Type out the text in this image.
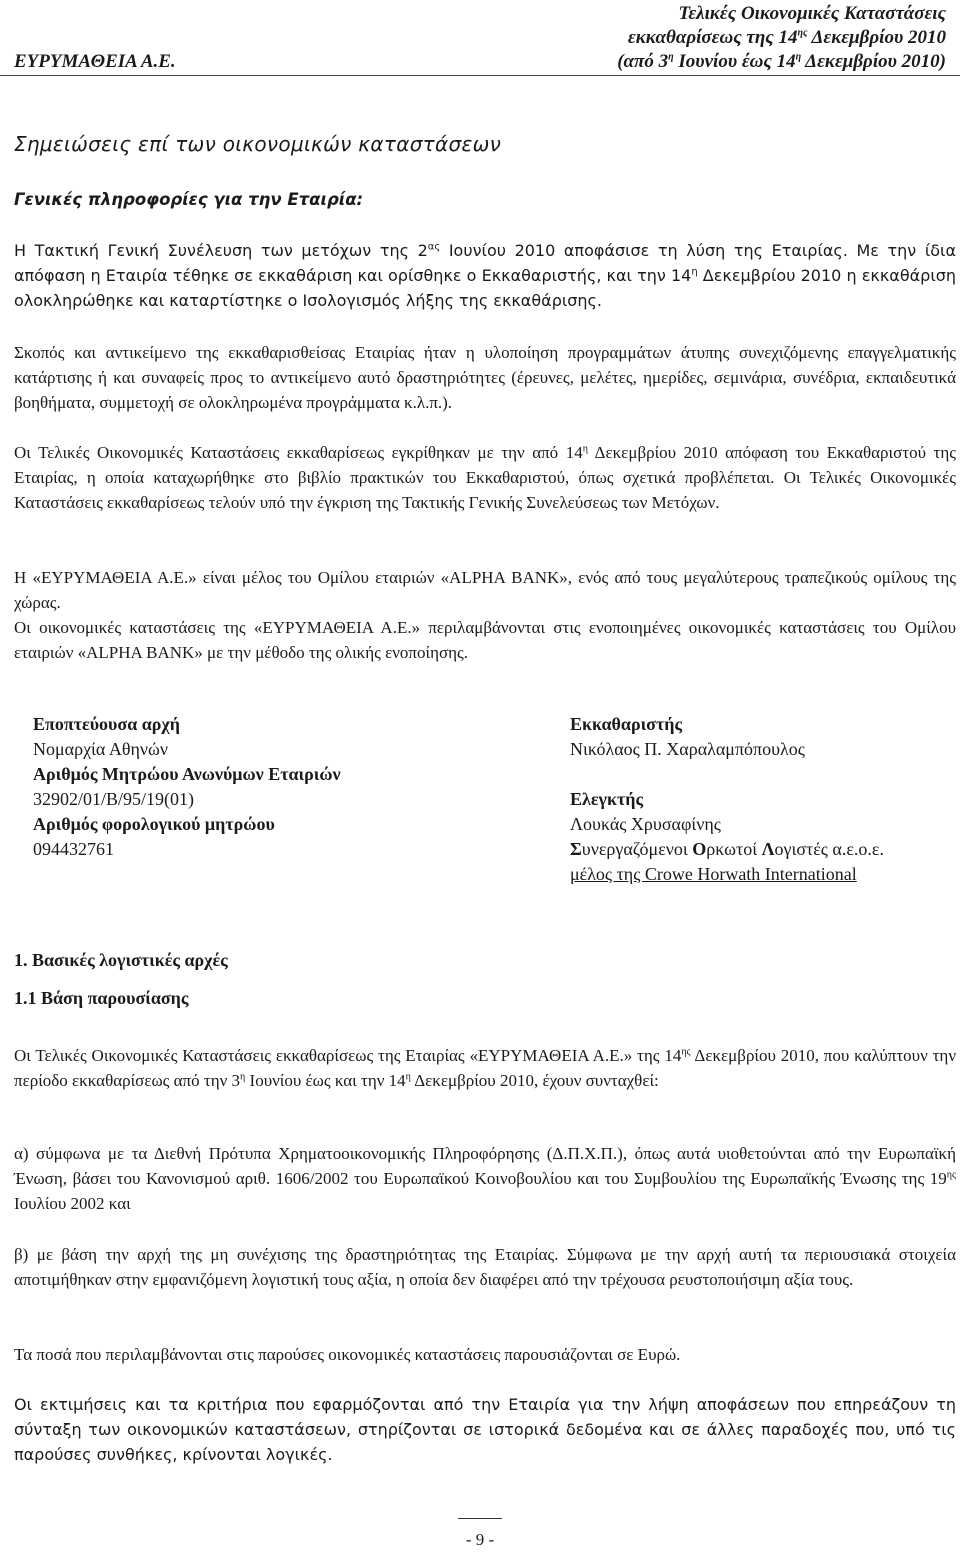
Τελικές Οικονομικές Καταστάσεις
εκκαθαρίσεως της $14^{\eta\varsigma}$ Δεκεμβρίου 2010
(από $3^\eta$ Ιουνίου έως $14^\eta$ Δεκεμβρίου 2010)
ΕΥΡΥΜΑΘΕΙΑ Α.Ε.
Σημειώσεις επί των οικονομικών καταστάσεων
Γενικές πληροφορίες για την Εταιρία:
Η Τακτική Γενική Συνέλευση των μετόχων της $2^{\alpha\varsigma}$ Ιουνίου 2010 αποφάσισε τη λύση της Εταιρίας. Με την ίδια απόφαση η Εταιρία τέθηκε σε εκκαθάριση και ορίσθηκε ο Εκκαθαριστής, και την $14^\eta$ Δεκεμβρίου 2010 η εκκαθάριση ολοκληρώθηκε και καταρτίστηκε ο Ισολογισμός λήξης της εκκαθάρισης.
Σκοπός και αντικείμενο της εκκαθαρισθείσας Εταιρίας ήταν η υλοποίηση προγραμμάτων άτυπης συνεχιζόμενης επαγγελματικής κατάρτισης ή και συναφείς προς το αντικείμενο αυτό δραστηριότητες (έρευνες, μελέτες, ημερίδες, σεμινάρια, συνέδρια, εκπαιδευτικά βοηθήματα, συμμετοχή σε ολοκληρωμένα προγράμματα κ.λ.π.).
Οι Τελικές Οικονομικές Καταστάσεις εκκαθαρίσεως εγκρίθηκαν με την από $14^\eta$ Δεκεμβρίου 2010 απόφαση του Εκκαθαριστού της Εταιρίας, η οποία καταχωρήθηκε στο βιβλίο πρακτικών του Εκκαθαριστού, όπως σχετικά προβλέπεται. Οι Τελικές Οικονομικές Καταστάσεις εκκαθαρίσεως τελούν υπό την έγκριση της Τακτικής Γενικής Συνελεύσεως των Μετόχων.
Η «ΕΥΡΥΜΑΘΕΙΑ Α.Ε.» είναι μέλος του Ομίλου εταιριών «ALPHA BANK», ενός από τους μεγαλύτερους τραπεζικούς ομίλους της χώρας.
Οι οικονομικές καταστάσεις της «ΕΥΡΥΜΑΘΕΙΑ Α.Ε.» περιλαμβάνονται στις ενοποιημένες οικονομικές καταστάσεις του Ομίλου εταιριών «ALPHA BANK» με την μέθοδο της ολικής ενοποίησης.
Εποπτεύουσα αρχή
Νομαρχία Αθηνών
Αριθμός Μητρώου Ανωνύμων Εταιριών
32902/01/Β/95/19(01)
Αριθμός φορολογικού μητρώου
094432761
Εκκαθαριστής
Νικόλαος Π. Χαραλαμπόπουλος
Ελεγκτής
Λουκάς Χρυσαφίνης
Συνεργαζόμενοι Ορκωτοί Λογιστές α.ε.ο.ε.
μέλος της Crowe Horwath International
1. Βασικές λογιστικές αρχές
1.1 Βάση παρουσίασης
Οι Τελικές Οικονομικές Καταστάσεις εκκαθαρίσεως της Εταιρίας «ΕΥΡΥΜΑΘΕΙΑ Α.Ε.» της $14^{\eta\varsigma}$ Δεκεμβρίου 2010, που καλύπτουν την περίοδο εκκαθαρίσεως από την $3^\eta$ Ιουνίου έως και την $14^\eta$ Δεκεμβρίου 2010, έχουν συνταχθεί:
α) σύμφωνα με τα Διεθνή Πρότυπα Χρηματοοικονομικής Πληροφόρησης (Δ.Π.Χ.Π.), όπως αυτά υιοθετούνται από την Ευρωπαϊκή Ένωση, βάσει του Κανονισμού αριθ. 1606/2002 του Ευρωπαϊκού Κοινοβουλίου και του Συμβουλίου της Ευρωπαϊκής Ένωσης της $19^{\eta\varsigma}$ Ιουλίου 2002 και
β) με βάση την αρχή της μη συνέχισης της δραστηριότητας της Εταιρίας. Σύμφωνα με την αρχή αυτή τα περιουσιακά στοιχεία αποτιμήθηκαν στην εμφανιζόμενη λογιστική τους αξία, η οποία δεν διαφέρει από την τρέχουσα ρευστοποιήσιμη αξία τους.
Τα ποσά που περιλαμβάνονται στις παρούσες οικονομικές καταστάσεις παρουσιάζονται σε Ευρώ.
Οι εκτιμήσεις και τα κριτήρια που εφαρμόζονται από την Εταιρία για την λήψη αποφάσεων που επηρεάζουν τη σύνταξη των οικονομικών καταστάσεων, στηρίζονται σε ιστορικά δεδομένα και σε άλλες παραδοχές που, υπό τις παρούσες συνθήκες, κρίνονται λογικές.
- 9 -
